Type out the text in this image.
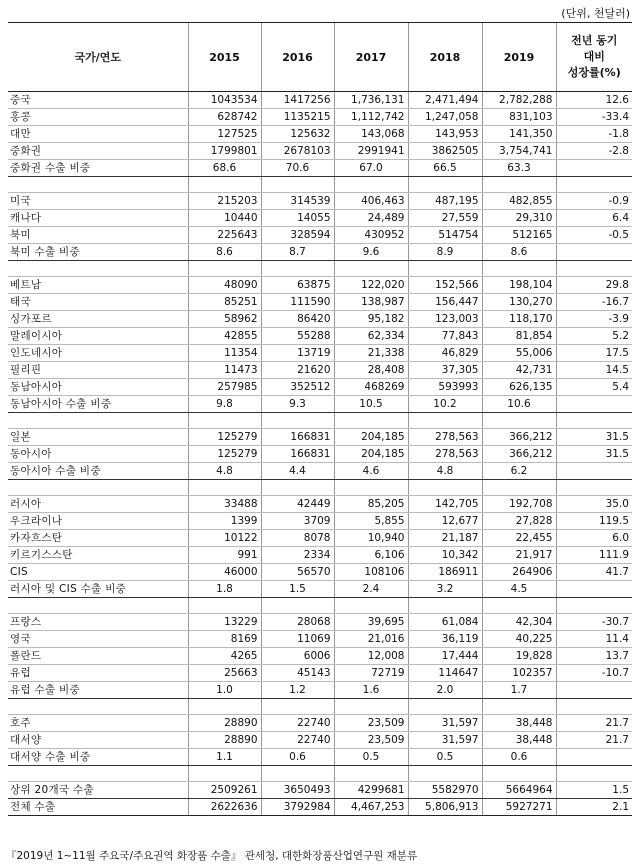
(단위, 천달러)
국가/연도	2015	2016	2017	2018	2019	전년 동기
대비
성장률(%)

중국	1043534	1417256	1,736,131	2,471,494	2,782,288	12.6
홍콩	628742	1135215	1,112,742	1,247,058	831,103	-33.4
대만	127525	125632	143,068	143,953	141,350	-1.8
중화권	1799801	2678103	2991941	3862505	3,754,741	-2.8
중화권 수출 비중	68.6	70.6	67.0	66.5	63.3	

미국	215203	314539	406,463	487,195	482,855	-0.9
캐나다	10440	14055	24,489	27,559	29,310	6.4
북미	225643	328594	430952	514754	512165	-0.5
북미 수출 비중	8.6	8.7	9.6	8.9	8.6	

베트남	48090	63875	122,020	152,566	198,104	29.8
태국	85251	111590	138,987	156,447	130,270	-16.7
싱가포르	58962	86420	95,182	123,003	118,170	-3.9
말레이시아	42855	55288	62,334	77,843	81,854	5.2
인도네시아	11354	13719	21,338	46,829	55,006	17.5
필리핀	11473	21620	28,408	37,305	42,731	14.5
동남아시아	257985	352512	468269	593993	626,135	5.4
동남아시아 수출 비중	9.8	9.3	10.5	10.2	10.6	

일본	125279	166831	204,185	278,563	366,212	31.5
동아시아	125279	166831	204,185	278,563	366,212	31.5
동아시아 수출 비중	4.8	4.4	4.6	4.8	6.2	

러시아	33488	42449	85,205	142,705	192,708	35.0
우크라이나	1399	3709	5,855	12,677	27,828	119.5
카자흐스탄	10122	8078	10,940	21,187	22,455	6.0
키르기스스탄	991	2334	6,106	10,342	21,917	111.9
CIS	46000	56570	108106	186911	264906	41.7
러시아 및 CIS 수출 비중	1.8	1.5	2.4	3.2	4.5	

프랑스	13229	28068	39,695	61,084	42,304	-30.7
영국	8169	11069	21,016	36,119	40,225	11.4
폴란드	4265	6006	12,008	17,444	19,828	13.7
유럽	25663	45143	72719	114647	102357	-10.7
유럽 수출 비중	1.0	1.2	1.6	2.0	1.7	

호주	28890	22740	23,509	31,597	38,448	21.7
대서양	28890	22740	23,509	31,597	38,448	21.7
대서양 수출 비중	1.1	0.6	0.5	0.5	0.6	

상위 20개국 수출	2509261	3650493	4299681	5582970	5664964	1.5
전체 수출	2622636	3792984	4,467,253	5,806,913	5927271	2.1
『2019년 1~11월 주요국/주요권역 화장품 수출』 관세청, 대한화장품산업연구원 재분류
